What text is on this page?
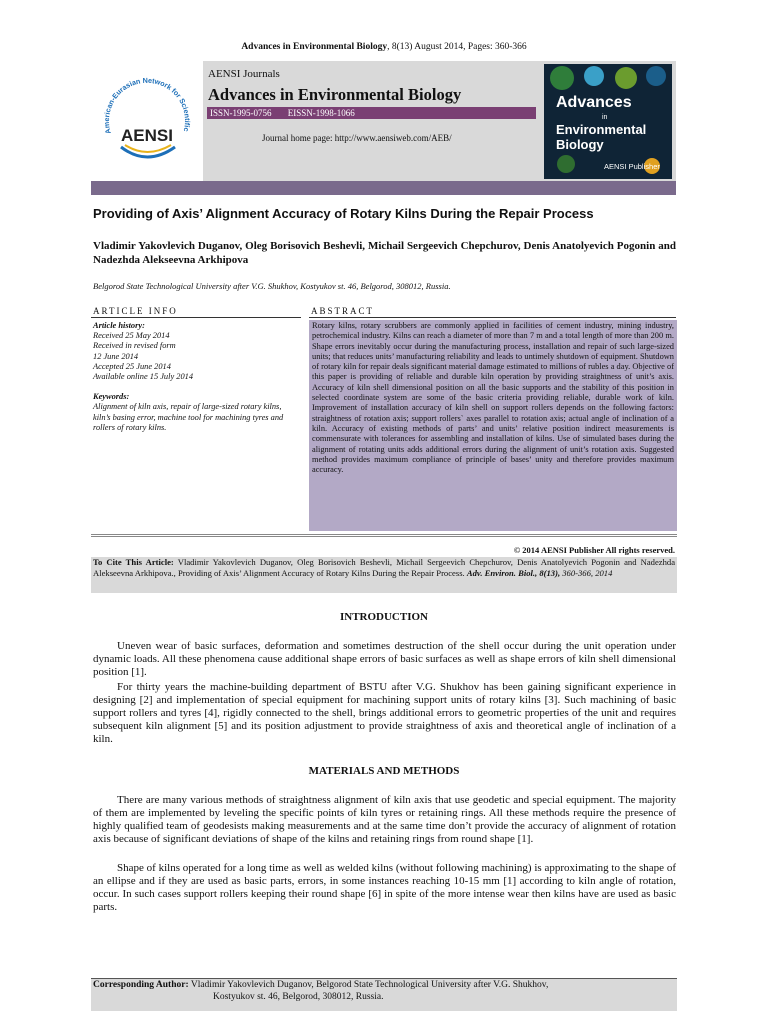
Advances in Environmental Biology, 8(13) August 2014, Pages: 360-366
American-Eurasian Network for Scientific
AENSI
AENSI Journals
Advances in Environmental Biology
ISSN-1995-0756 EISSN-1998-1066
Journal home page: http://www.aensiweb.com/AEB/
Advances
in
Environmental Biology
AENSI Publisher
Providing of Axis’ Alignment Accuracy of Rotary Kilns During the Repair Process
Vladimir Yakovlevich Duganov, Oleg Borisovich Beshevli, Michail Sergeevich Chepchurov, Denis Anatolyevich Pogonin and Nadezhda Alekseevna Arkhipova
Belgorod State Technological University after V.G. Shukhov, Kostyukov st. 46, Belgorod, 308012, Russia.
ARTICLE INFO	ABSTRACT
Article history:
Received 25 May 2014
Received in revised form
12 June 2014
Accepted 25 June 2014
Available online 15 July 2014
Keywords:
Alignment of kiln axis, repair of large-sized rotary kilns, kiln’s basing error, machine tool for machining tyres and rollers of rotary kilns.
Rotary kilns, rotary scrubbers are commonly applied in facilities of cement industry, mining industry, petrochemical industry. Kilns can reach a diameter of more than 7 m and a total length of more than 200 m. Shape errors inevitably occur during the manufacturing process, installation and repair of such large-sized units; that reduces units’ manufacturing reliability and leads to untimely shutdown of equipment. Shutdown of rotary kiln for repair deals significant material damage estimated to millions of rubles a day. Objective of this paper is providing of reliable and durable kiln operation by providing straightness of unit’s axis. Accuracy of kiln shell dimensional position on all the basic supports and the stability of this position in selected coordinate system are some of the basic criteria providing reliable, durable work of kiln. Improvement of installation accuracy of kiln shell on support rollers depends on the following factors: straightness of rotation axis; support rollers` axes parallel to rotation axis; actual angle of inclination of a kiln. Accuracy of existing methods of parts’ and units’ relative position indirect measurements is commensurate with tolerances for assembling and installation of kilns. Use of simulated bases during the alignment of rotating units adds additional errors during the alignment of unit’s rotation axis. Suggested method provides maximum compliance of principle of bases’ unity and therefore provides maximum accuracy.
© 2014 AENSI Publisher All rights reserved.
To Cite This Article: Vladimir Yakovlevich Duganov, Oleg Borisovich Beshevli, Michail Sergeevich Chepchurov, Denis Anatolyevich Pogonin and Nadezhda Alekseevna Arkhipova., Providing of Axis’ Alignment Accuracy of Rotary Kilns During the Repair Process. Adv. Environ. Biol., 8(13), 360-366, 2014
INTRODUCTION
Uneven wear of basic surfaces, deformation and sometimes destruction of the shell occur during the unit operation under dynamic loads. All these phenomena cause additional shape errors of basic surfaces as well as shape errors of kiln shell dimensional position [1].
For thirty years the machine-building department of BSTU after V.G. Shukhov has been gaining significant experience in designing [2] and implementation of special equipment for machining support units of rotary kilns [3]. Such machining of basic support rollers and tyres [4], rigidly connected to the shell, brings additional errors to geometric properties of the unit and requires subsequent kiln alignment [5] and its position adjustment to provide straightness of axis and theoretical angle of inclination of a kiln.
MATERIALS AND METHODS
There are many various methods of straightness alignment of kiln axis that use geodetic and special equipment. The majority of them are implemented by leveling the specific points of kiln tyres or retaining rings. All these methods require the presence of highly qualified team of geodesists making measurements and at the same time don’t provide the accuracy of alignment of rotation axis because of significant deviations of shape of the kilns and retaining rings from round shape [1].
Shape of kilns operated for a long time as well as welded kilns (without following machining) is approximating to the shape of an ellipse and if they are used as basic parts, errors, in some instances reaching 10-15 mm [1] according to kiln angle of rotation, occur. In such cases support rollers keeping their round shape [6] in spite of the more intense wear then kilns have are used as basic parts.
Corresponding Author: Vladimir Yakovlevich Duganov, Belgorod State Technological University after V.G. Shukhov,
Kostyukov st. 46, Belgorod, 308012, Russia.
